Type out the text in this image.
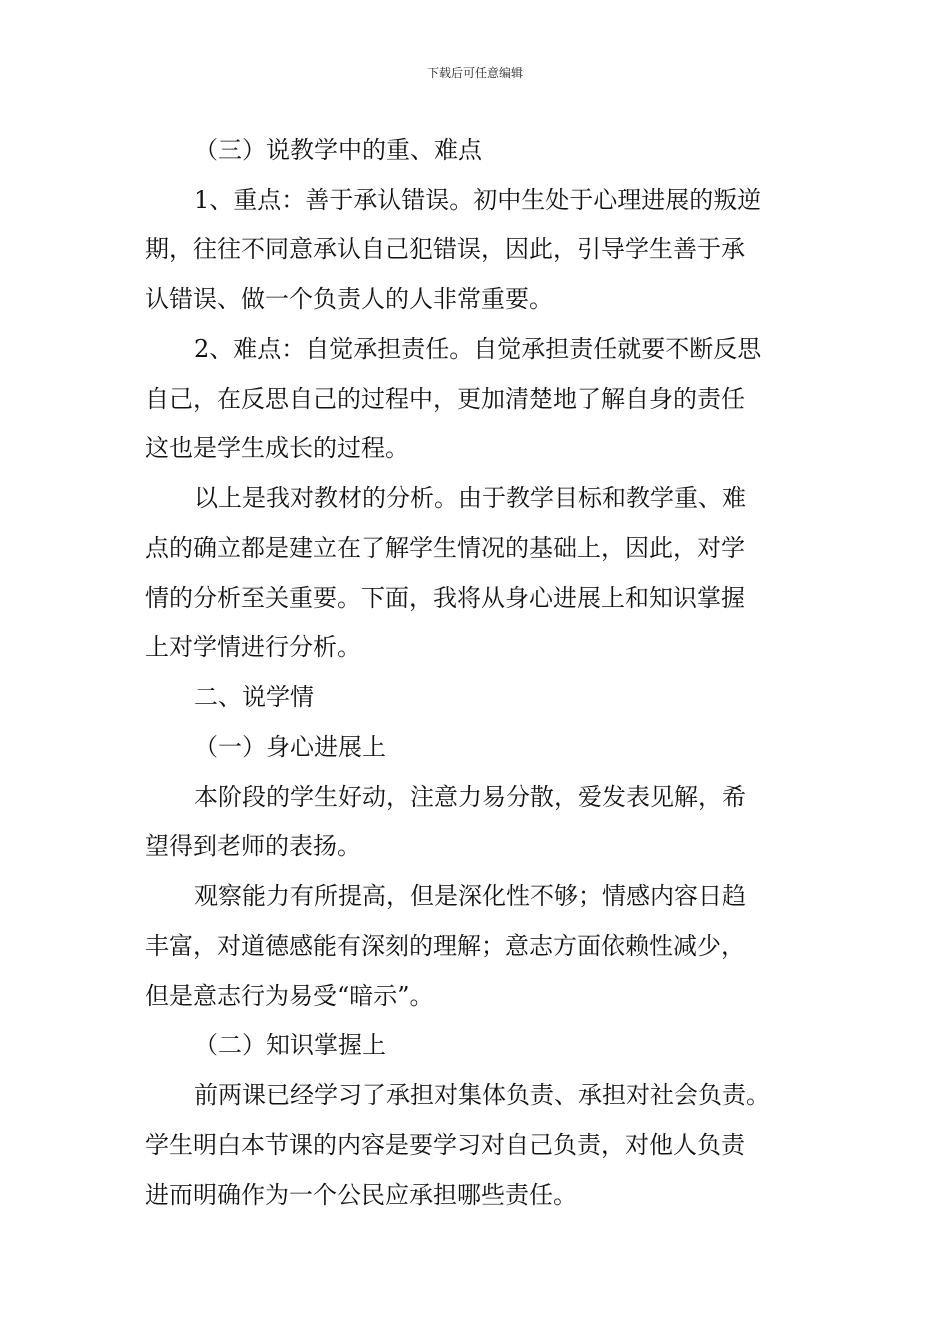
下载后可任意编辑
（三）说教学中的重、难点
1、重点：善于承认错误。初中生处于心理进展的叛逆
期，往往不同意承认自己犯错误，因此，引导学生善于承
认错误、做一个负责人的人非常重要。
2、难点：自觉承担责任。自觉承担责任就要不断反思
自己，在反思自己的过程中，更加清楚地了解自身的责任
这也是学生成长的过程。
以上是我对教材的分析。由于教学目标和教学重、难
点的确立都是建立在了解学生情况的基础上，因此，对学
情的分析至关重要。下面，我将从身心进展上和知识掌握
上对学情进行分析。
二、说学情
（一）身心进展上
本阶段的学生好动，注意力易分散，爱发表见解，希
望得到老师的表扬。
观察能力有所提高，但是深化性不够；情感内容日趋
丰富，对道德感能有深刻的理解；意志方面依赖性减少，
但是意志行为易受“暗示”。
（二）知识掌握上
前两课已经学习了承担对集体负责、承担对社会负责。
学生明白本节课的内容是要学习对自己负责，对他人负责
进而明确作为一个公民应承担哪些责任。
